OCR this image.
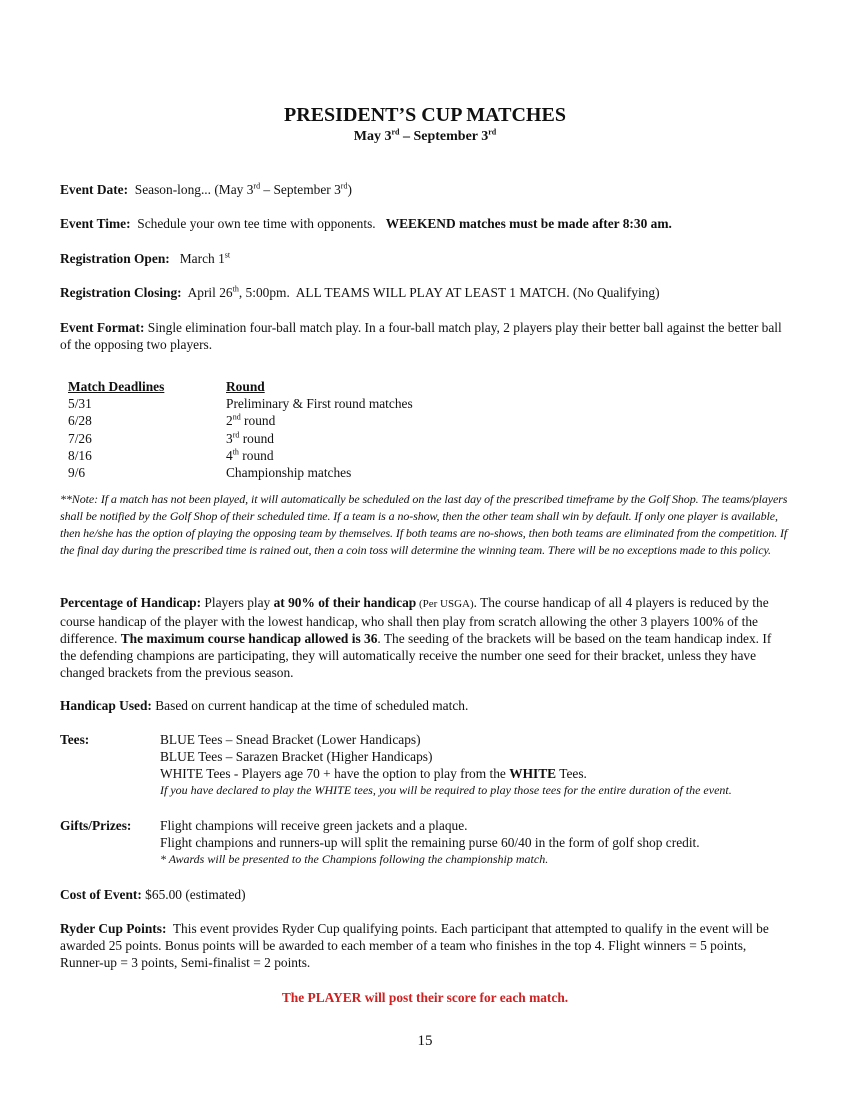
PRESIDENT’S CUP MATCHES
May 3rd – September 3rd
Event Date:  Season-long... (May 3rd – September 3rd)
Event Time:  Schedule your own tee time with opponents.   WEEKEND matches must be made after 8:30 am.
Registration Open:   March 1st
Registration Closing:  April 26th, 5:00pm.  ALL TEAMS WILL PLAY AT LEAST 1 MATCH. (No Qualifying)
Event Format: Single elimination four-ball match play. In a four-ball match play, 2 players play their better ball against the better ball of the opposing two players.
Match Deadlines	Round
5/31	Preliminary & First round matches
6/28	2nd round
7/26	3rd round
8/16	4th round
9/6	Championship matches
**Note: If a match has not been played, it will automatically be scheduled on the last day of the prescribed timeframe by the Golf Shop. The teams/players shall be notified by the Golf Shop of their scheduled time. If a team is a no-show, then the other team shall win by default. If only one player is available, then he/she has the option of playing the opposing team by themselves. If both teams are no-shows, then both teams are eliminated from the competition. If the final day during the prescribed time is rained out, then a coin toss will determine the winning team. There will be no exceptions made to this policy.
Percentage of Handicap: Players play at 90% of their handicap (Per USGA). The course handicap of all 4 players is reduced by the course handicap of the player with the lowest handicap, who shall then play from scratch allowing the other 3 players 100% of the difference. The maximum course handicap allowed is 36. The seeding of the brackets will be based on the team handicap index. If the defending champions are participating, they will automatically receive the number one seed for their bracket, unless they have changed brackets from the previous season.
Handicap Used: Based on current handicap at the time of scheduled match.
Tees:	BLUE Tees – Snead Bracket (Lower Handicaps)
BLUE Tees – Sarazen Bracket (Higher Handicaps)
WHITE Tees - Players age 70 + have the option to play from the WHITE Tees.
If you have declared to play the WHITE tees, you will be required to play those tees for the entire duration of the event.
Gifts/Prizes: Flight champions will receive green jackets and a plaque.
Flight champions and runners-up will split the remaining purse 60/40 in the form of golf shop credit.
* Awards will be presented to the Champions following the championship match.
Cost of Event: $65.00 (estimated)
Ryder Cup Points:  This event provides Ryder Cup qualifying points. Each participant that attempted to qualify in the event will be awarded 25 points. Bonus points will be awarded to each member of a team who finishes in the top 4. Flight winners = 5 points, Runner-up = 3 points, Semi-finalist = 2 points.
The PLAYER will post their score for each match.
15
